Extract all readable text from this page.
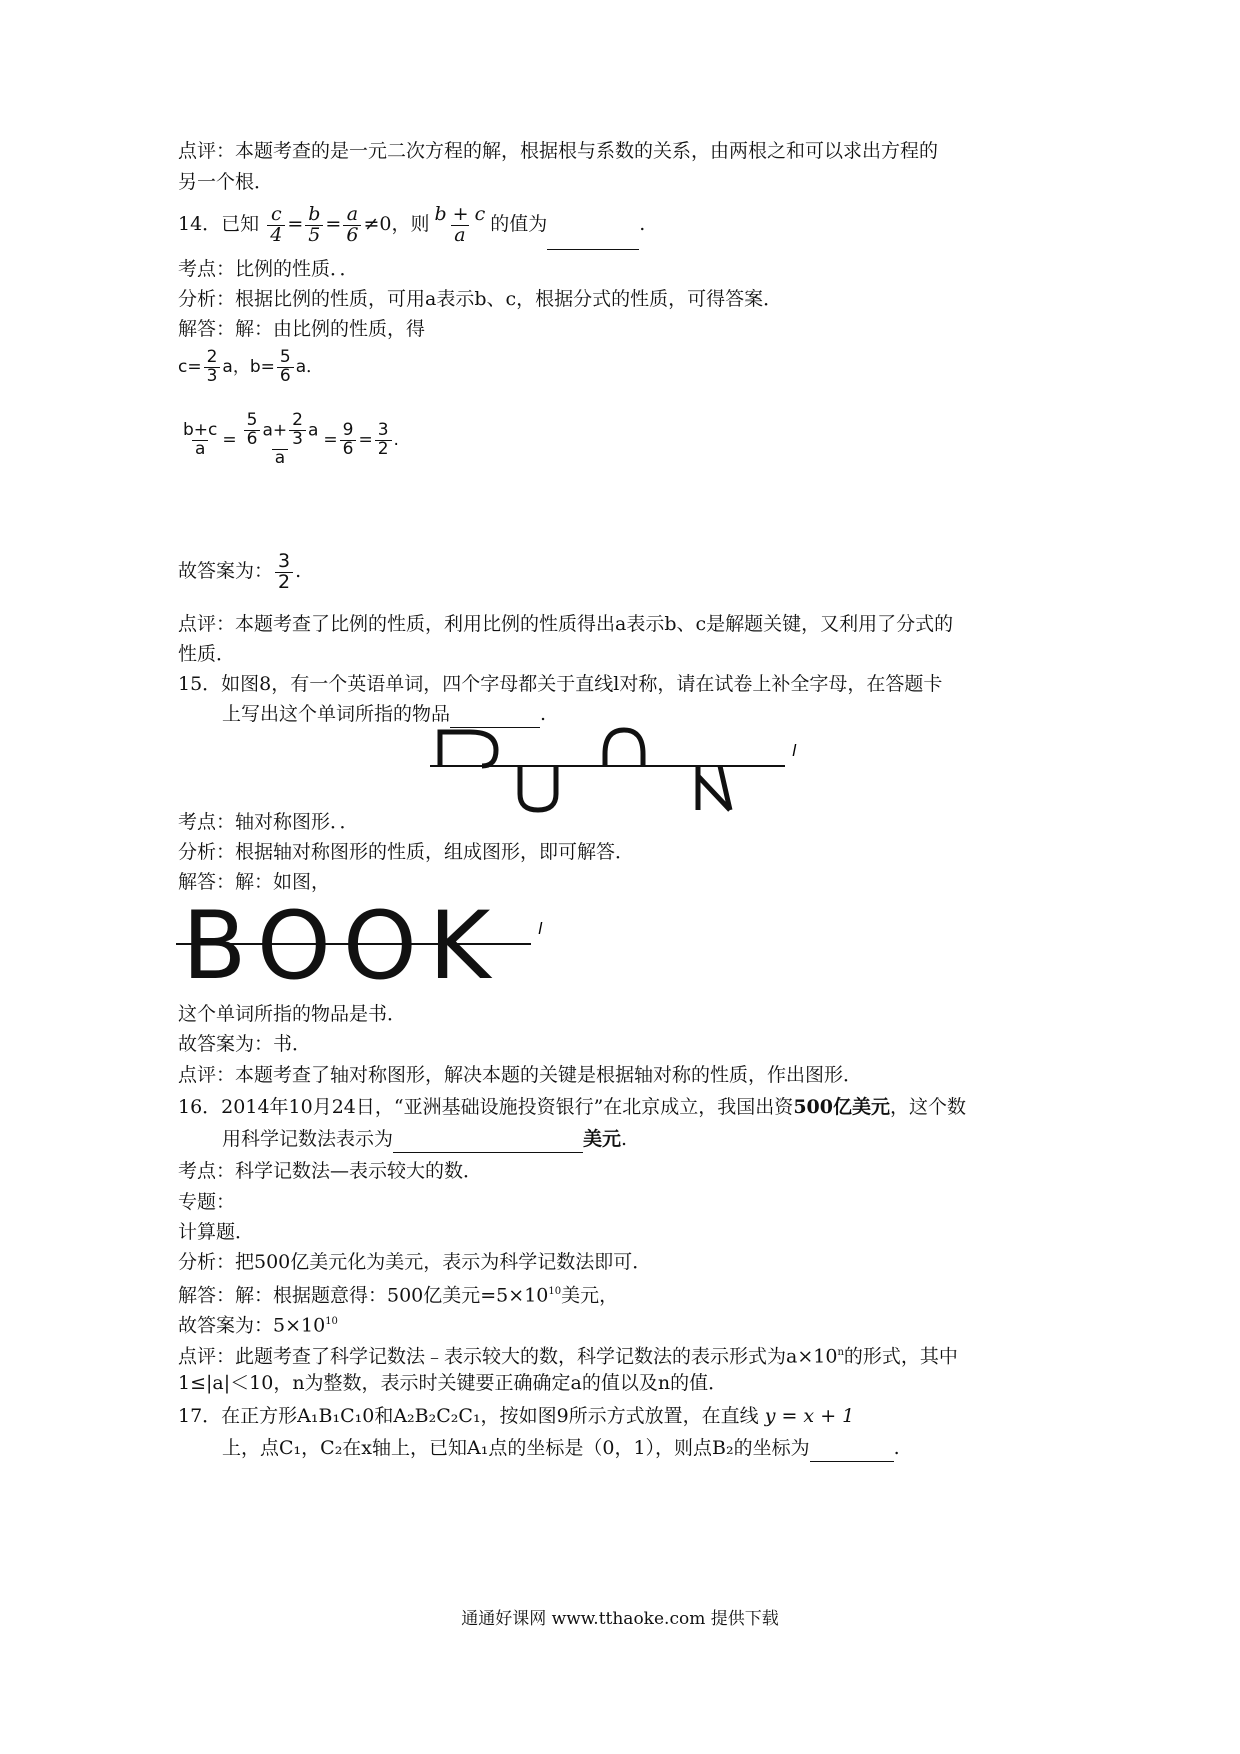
点评：本题考查的是一元二次方程的解，根据根与系数的关系，由两根之和可以求出方程的
另一个根．
14．已知 $\frac{c}{4} = \frac{b}{5} = \frac{a}{6} \ne 0$，则 $\frac{b + c}{a}$ 的值为	.
考点：比例的性质．．
分析：根据比例的性质，可用a表示b、c，根据分式的性质，可得答案．
解答：解：由比例的性质，得
$c= \frac{2}{3}$ a，$b= \frac{5}{6}$ a．
$\frac{b+c}{a} = \frac{\frac{5}{6} a+ \frac{2}{3} a}{a} = \frac{9}{6} = \frac{3}{2}$ .
故答案为： $\frac{3}{2}$ .
点评：本题考查了比例的性质，利用比例的性质得出a表示b、c是解题关键，又利用了分式的
性质．
15．如图8，有一个英语单词，四个字母都关于直线l对称，请在试卷上补全字母，在答题卡
上写出这个单词所指的物品	.
l
考点：轴对称图形．．
分析：根据轴对称图形的性质，组成图形，即可解答．
解答：解：如图，
BOOK l
这个单词所指的物品是书．
故答案为：书．
点评：本题考查了轴对称图形，解决本题的关键是根据轴对称的性质，作出图形．
16．2014年10月24日，“亚洲基础设施投资银行”在北京成立，我国出资500亿美元，这个数
用科学记数法表示为	美元.
考点：科学记数法—表示较大的数．
专题：
计算题．
分析：把500亿美元化为美元，表示为科学记数法即可．
解答：解：根据题意得：500亿美元$=5\times 10^{10}$美元，
故答案为：$5\times 10^{10}$
点评：此题考查了科学记数法﹣表示较大的数，科学记数法的表示形式为$a\times 10^n$的形式，其中
1≤|a|＜10，n为整数，表示时关键要正确确定a的值以及n的值．
17．在正方形A₁B₁C₁0和A₂B₂C₂C₁，按如图9所示方式放置，在直线 y = x + 1
上，点C₁，C₂在x轴上，已知A₁点的坐标是（0，1），则点B₂的坐标为	.
通通好课网 www.tthaoke.com 提供下载
